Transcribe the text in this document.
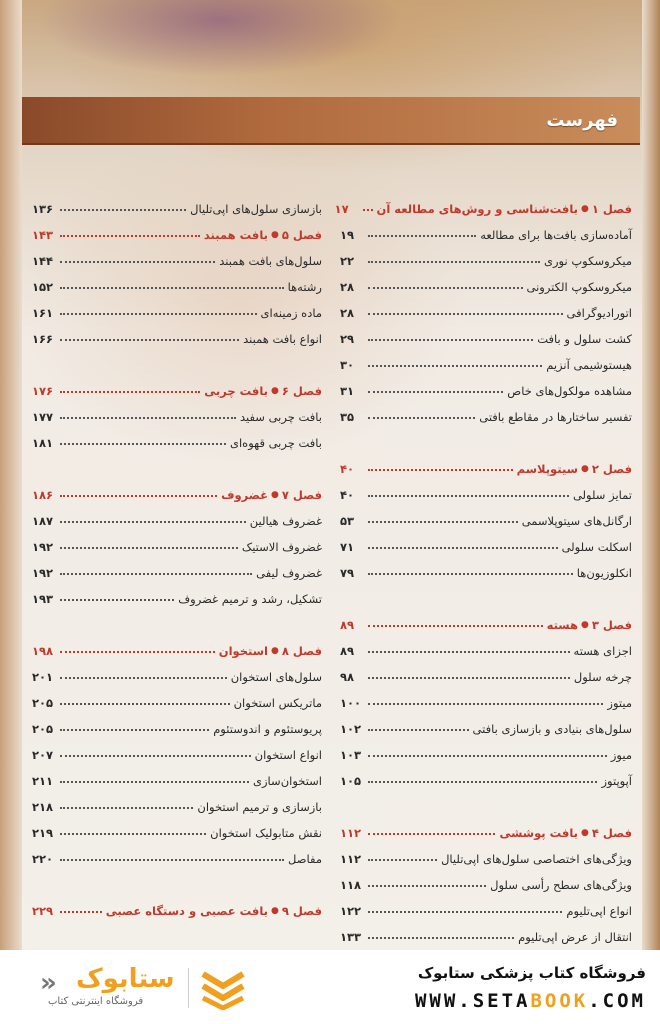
فهرست
فصل ۱
●
بافت‌شناسی و روش‌های مطالعه آن
۱۷
آماده‌سازی بافت‌ها برای مطالعه
۱۹
میکروسکوپ نوری
۲۲
میکروسکوپ الکترونی
۲۸
اتورادیوگرافی
۲۸
کشت سلول و بافت
۲۹
هیستوشیمی آنزیم
۳۰
مشاهده مولکول‌های خاص
۳۱
تفسیر ساختارها در مقاطع بافتی
۳۵
فصل ۲
●
سیتوپلاسم
۴۰
تمایز سلولی
۴۰
ارگانل‌های سیتوپلاسمی
۵۳
اسکلت سلولی
۷۱
انکلوزیون‌ها
۷۹
فصل ۳
●
هسته
۸۹
اجزای هسته
۸۹
چرخه سلول
۹۸
میتوز
۱۰۰
سلول‌های بنیادی و بازسازی بافتی
۱۰۲
میوز
۱۰۳
آپوپتوز
۱۰۵
فصل ۴
●
بافت پوششی
۱۱۲
ویژگی‌های اختصاصی سلول‌های اپی‌تلیال
۱۱۲
ویژگی‌های سطح رأسی سلول
۱۱۸
انواع اپی‌تلیوم
۱۲۲
انتقال از عرض اپی‌تلیوم
۱۳۳
بازسازی سلول‌های اپی‌تلیال
۱۳۶
فصل ۵
●
بافت همبند
۱۴۳
سلول‌های بافت همبند
۱۴۴
رشته‌ها
۱۵۲
ماده زمینه‌ای
۱۶۱
انواع بافت همبند
۱۶۶
فصل ۶
●
بافت چربی
۱۷۶
بافت چربی سفید
۱۷۷
بافت چربی قهوه‌ای
۱۸۱
فصل ۷
●
غضروف
۱۸۶
غضروف هیالین
۱۸۷
غضروف الاستیک
۱۹۲
غضروف لیفی
۱۹۲
تشکیل، رشد و ترمیم غضروف
۱۹۳
فصل ۸
●
استخوان
۱۹۸
سلول‌های استخوان
۲۰۱
ماتریکس استخوان
۲۰۵
پریوستئوم و اندوستئوم
۲۰۵
انواع استخوان
۲۰۷
استخوان‌سازی
۲۱۱
بازسازی و ترمیم استخوان
۲۱۸
نقش متابولیک استخوان
۲۱۹
مفاصل
۲۲۰
فصل ۹
●
بافت عصبی و دستگاه عصبی
۲۲۹
» ستابوک
فروشگاه اینترنتی کتاب
فروشگاه کتاب پزشکی ستابوک
WWW.SETABOOK.COM
